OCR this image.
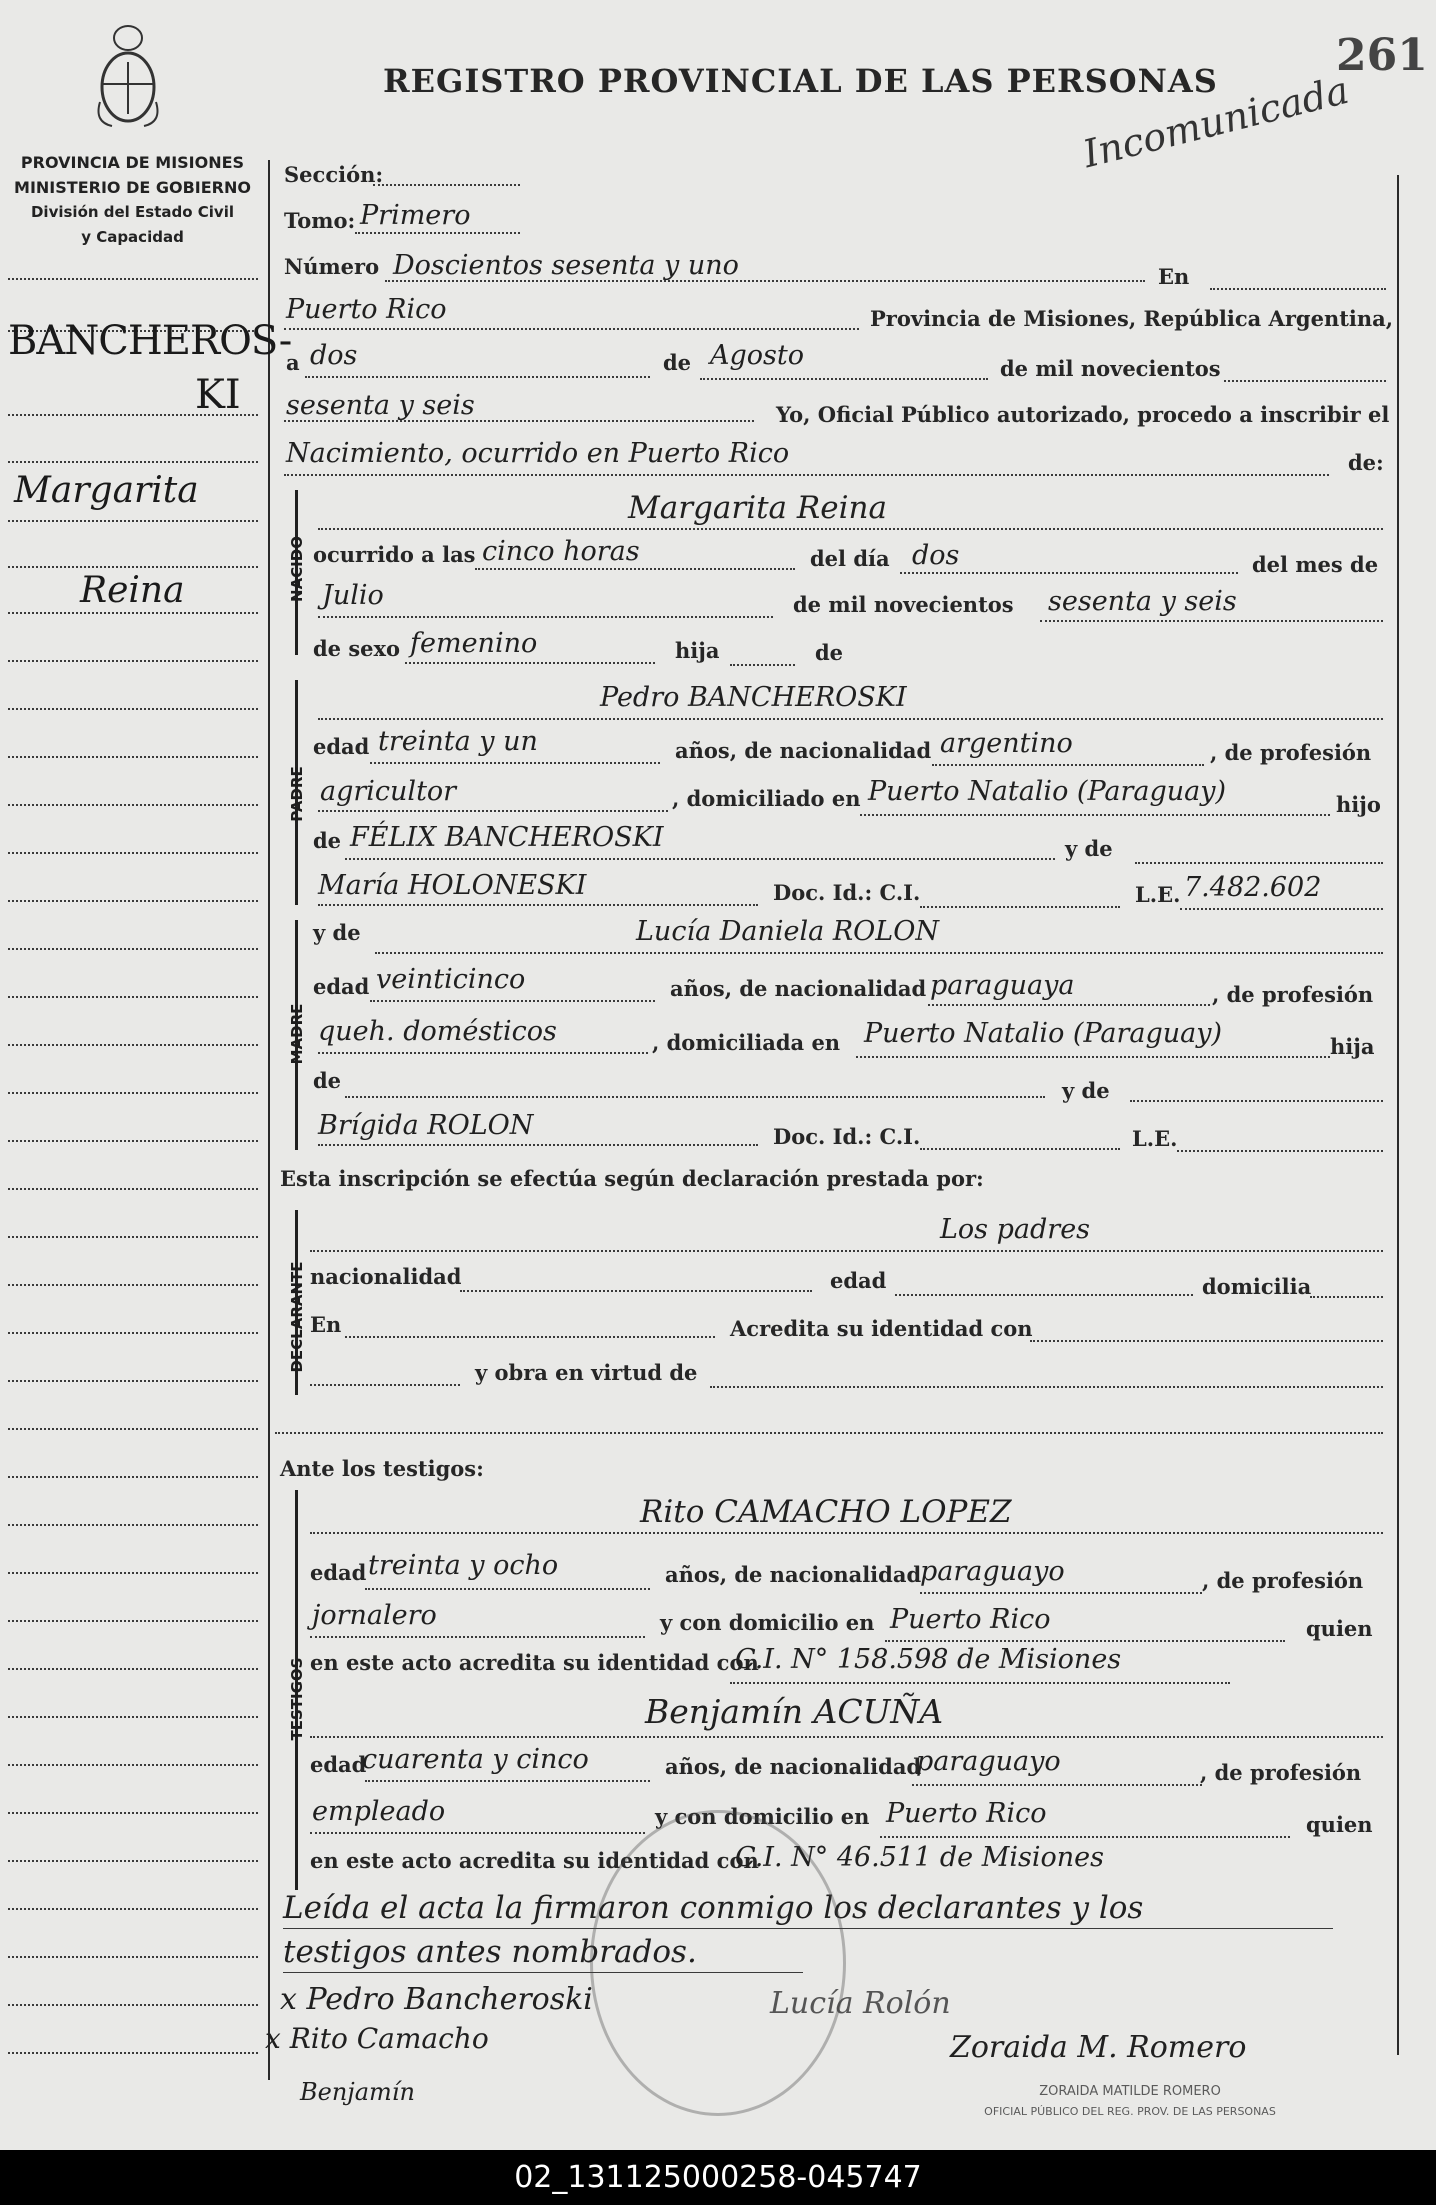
REGISTRO PROVINCIAL DE LAS PERSONAS	261
Incomunicada
PROVINCIA DE MISIONES
MINISTERIO DE GOBIERNO
División del Estado Civil
y Capacidad
BANCHEROS-
KI
Margarita
Reina
Sección:
Tomo: Primero
Número Doscientos sesenta y uno	En
Puerto Rico	Provincia de Misiones, República Argentina,
a dos	de Agosto	de mil novecientos
sesenta y seis	Yo, Oficial Público autorizado, procedo a inscribir el
Nacimiento, ocurrido en Puerto Rico	de:
NACIDO
Margarita Reina
ocurrido a las cinco horas	del día dos	del mes de
Julio	de mil novecientos sesenta y seis
de sexo femenino	hija	de
PADRE
Pedro BANCHEROSKI
edad treinta y un	años, de nacionalidad argentino	, de profesión
agricultor	, domiciliado en Puerto Natalio (Paraguay)	hijo
de FÉLIX BANCHEROSKI	y de
María HOLONESKI	Doc. Id.: C.I.	L.E. 7.482.602
MADRE
y de	Lucía Daniela ROLON
edad veinticinco	años, de nacionalidad paraguaya	, de profesión
queh. domésticos	, domiciliada en Puerto Natalio (Paraguay)	hija
de	y de
Brígida ROLON	Doc. Id.: C.I.	L.E.
Esta inscripción se efectúa según declaración prestada por:
DECLARANTE
Los padres
nacionalidad	edad	domicilia
En	Acredita su identidad con
y obra en virtud de
Ante los testigos:
TESTIGOS
Rito CAMACHO LOPEZ
edad treinta y ocho	años, de nacionalidad
paraguayo	, de profesión
jornalero	y con domicilio en Puerto Rico	quien
en este acto acredita su identidad con
C.I. N° 158.598 de Misiones
Benjamín ACUÑA
edad
cuarenta y cinco	años, de nacionalidad
paraguayo	, de profesión
empleado	y con domicilio en Puerto Rico	quien
en este acto acredita su identidad con
C.I. N° 46.511 de Misiones
Leída el acta la firmaron conmigo los declarantes y los
testigos antes nombrados.
x Pedro Bancheroski	Lucía Rolón
x Rito Camacho	Zoraida M. Romero
Benjamín	ZORAIDA MATILDE ROMERO
OFICIAL PÚBLICO DEL REG. PROV. DE LAS PERSONAS
02_131125000258-045747
